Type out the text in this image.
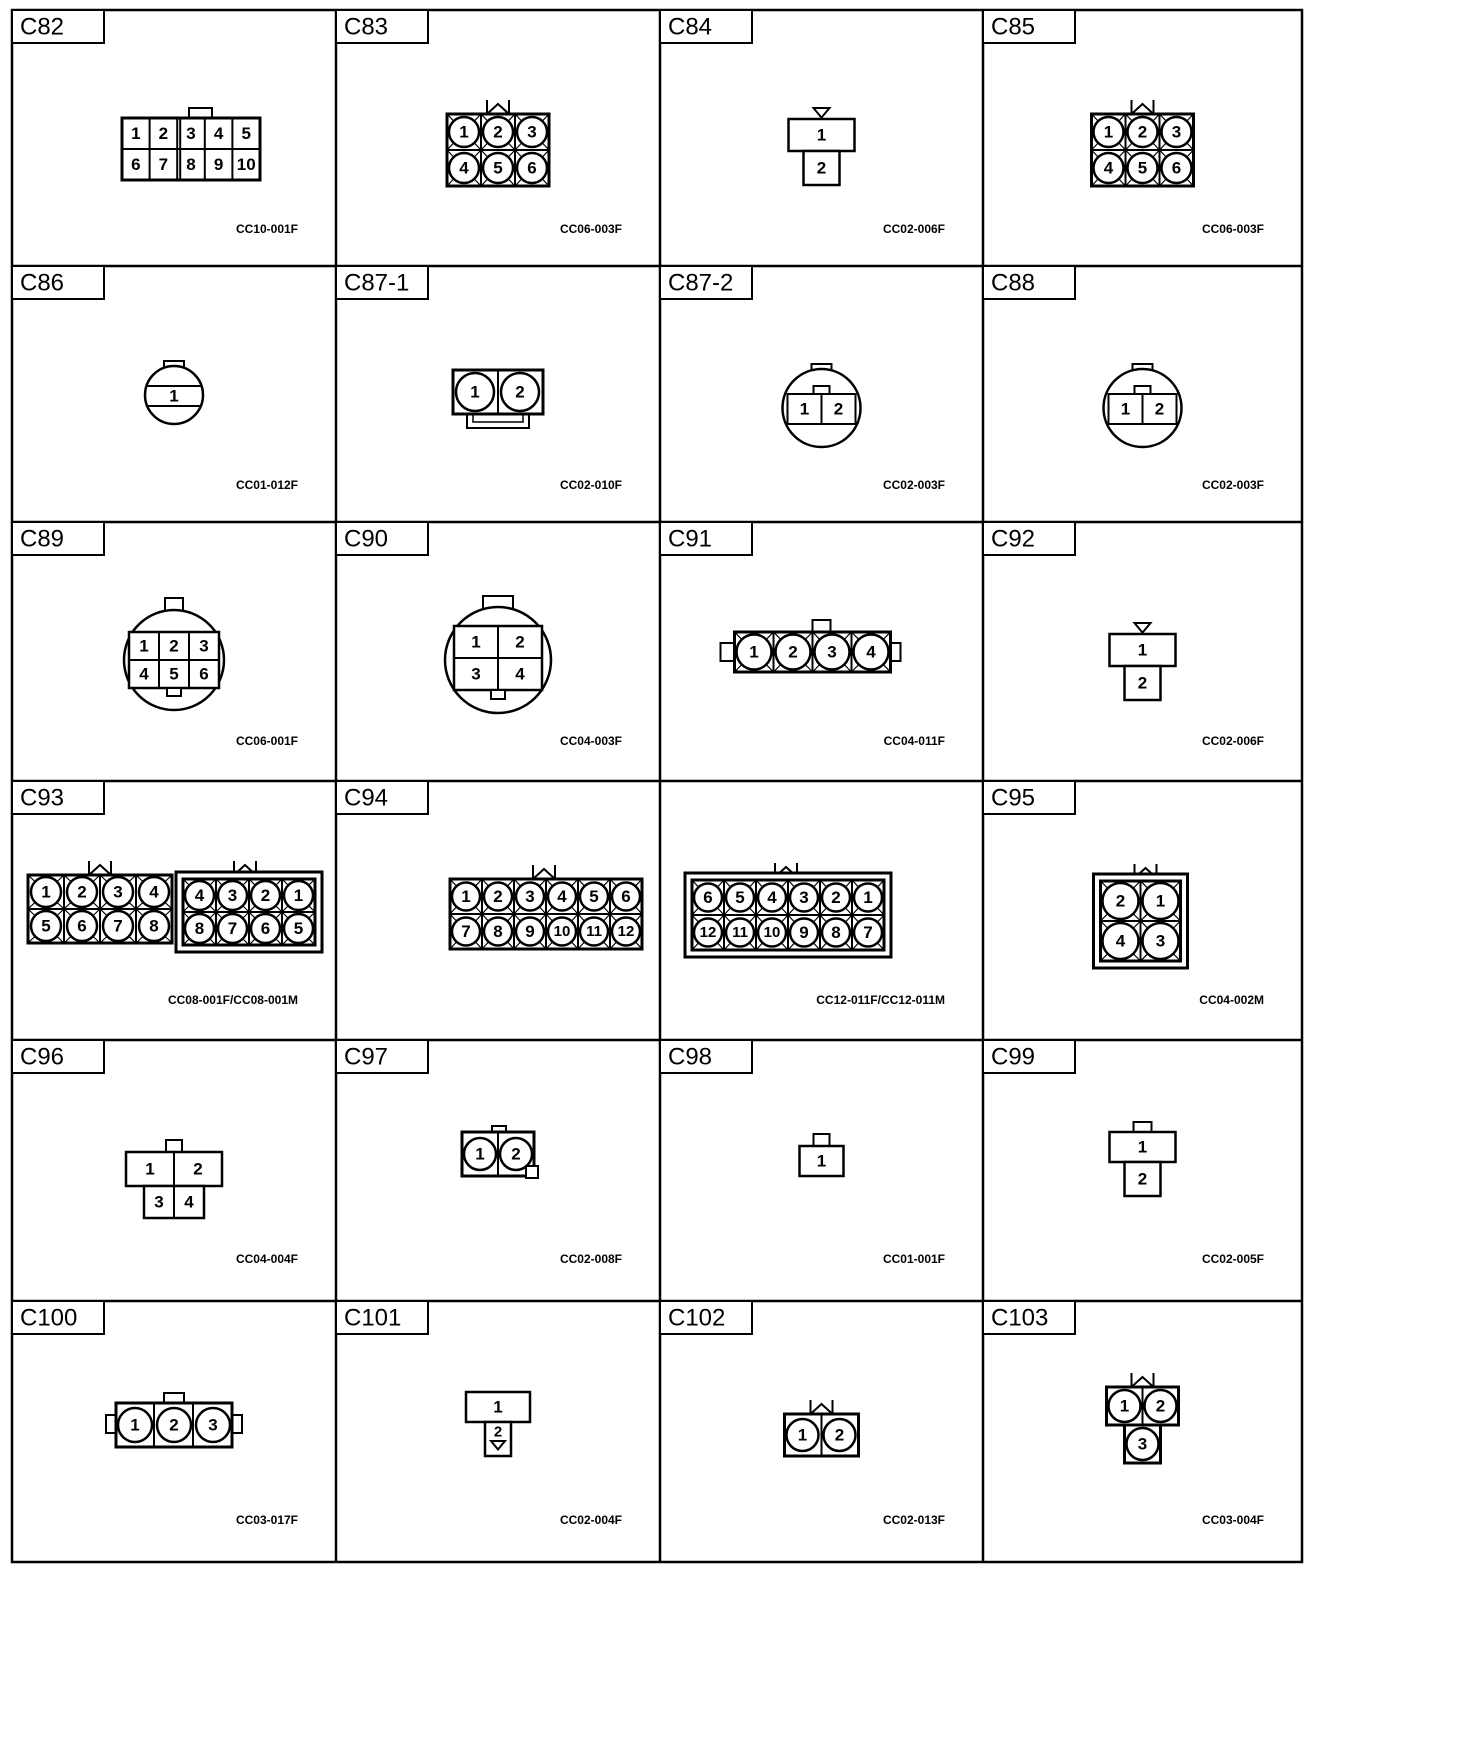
C82
CC10-001F
1 2 3 4 5
6 7 8 9 10
C83
CC06-003F
1 2 3
4 5 6
C84
CC02-006F
1
2
C85
CC06-003F
1 2 3
4 5 6
C86
CC01-012F
1
C87-1
CC02-010F
1 2
C87-2
CC02-003F
1 2
C88
CC02-003F
1 2
C89
CC06-001F
1 2 3
4 5 6
C90
CC04-003F
1 2
3 4
C91
CC04-011F
1 2 3 4
C92
CC02-006F
1
2
C93
CC08-001F/CC08-001M
1 2 3 4
5 6 7 8
4 3 2 1
8 7 6 5
C94
CC12-011F/CC12-011M
1 2 3 4 5 6
7 8 9 10 11 12
6 5 4 3 2 1
12 11 10 9 8 7
C95
CC04-002M
2 1
4 3
C96
CC04-004F
1 2
3 4
C97
CC02-008F
1 2
C98
CC01-001F
1
C99
CC02-005F
1
2
C100
CC03-017F
1 2 3
C101
CC02-004F
1
2
C102
CC02-013F
1 2
C103
CC03-004F
1 2
3
